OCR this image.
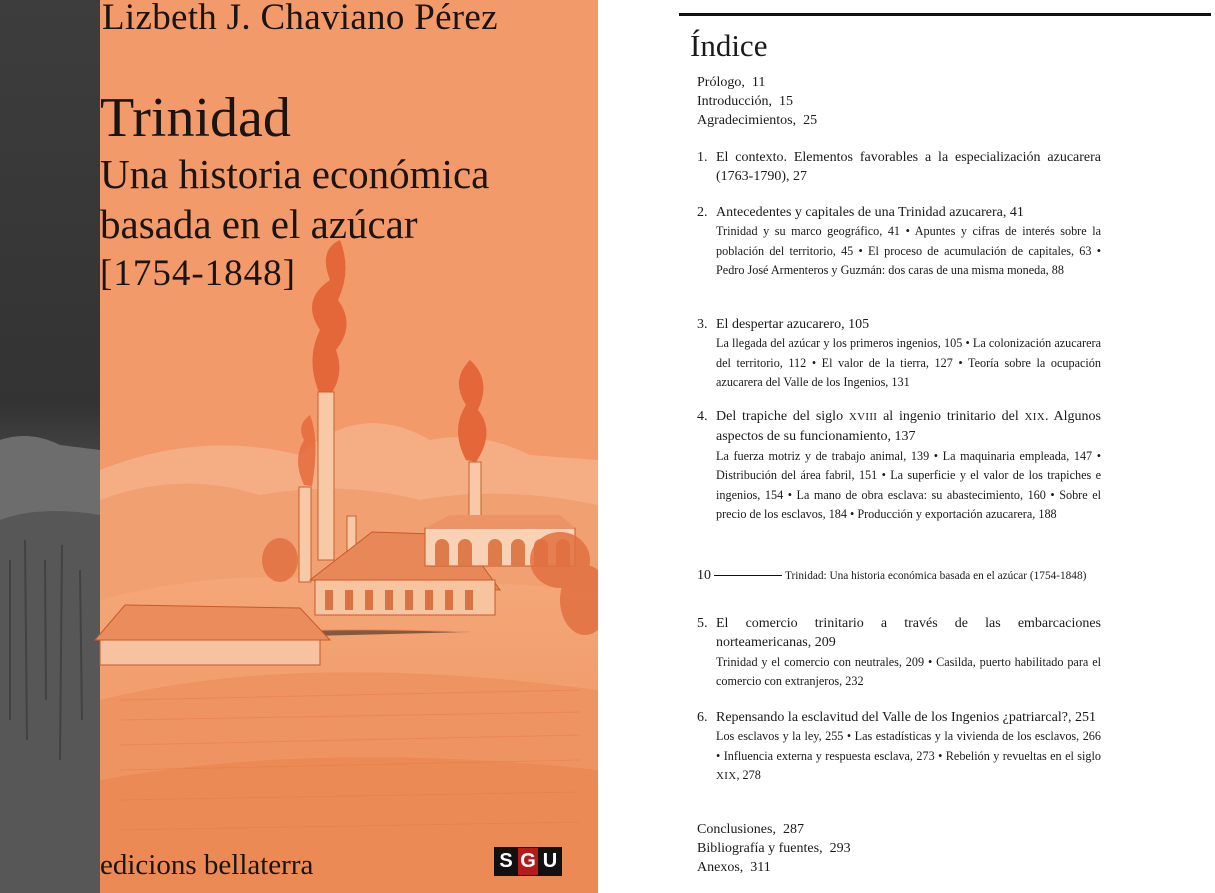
Lizbeth J. Chaviano Pérez
Trinidad
Una historia económica
basada en el azúcar
[1754-1848]
edicions bellaterra	S G U
Índice
Prólogo, 11
Introducción, 15
Agradecimientos, 25
1. El contexto. Elementos favorables a la especialización azucarera (1763-1790), 27
2. Antecedentes y capitales de una Trinidad azucarera, 41
Trinidad y su marco geográfico, 41 • Apuntes y cifras de interés sobre la población del territorio, 45 • El proceso de acumulación de capitales, 63 • Pedro José Armenteros y Guzmán: dos caras de una misma moneda, 88
3. El despertar azucarero, 105
La llegada del azúcar y los primeros ingenios, 105 • La colonización azucarera del territorio, 112 • El valor de la tierra, 127 • Teoría sobre la ocupación azucarera del Valle de los Ingenios, 131
4. Del trapiche del siglo XVIII al ingenio trinitario del XIX. Algunos aspectos de su funcionamiento, 137
La fuerza motriz y de trabajo animal, 139 • La maquinaria empleada, 147 • Distribución del área fabril, 151 • La superficie y el valor de los trapiches e ingenios, 154 • La mano de obra esclava: su abastecimiento, 160 • Sobre el precio de los esclavos, 184 • Producción y exportación azucarera, 188
10	Trinidad: Una historia económica basada en el azúcar (1754-1848)
5. El comercio trinitario a través de las embarcaciones norteamericanas, 209
Trinidad y el comercio con neutrales, 209 • Casilda, puerto habilitado para el comercio con extranjeros, 232
6. Repensando la esclavitud del Valle de los Ingenios ¿patriarcal?, 251
Los esclavos y la ley, 255 • Las estadísticas y la vivienda de los esclavos, 266 • Influencia externa y respuesta esclava, 273 • Rebelión y revueltas en el siglo XIX, 278
Conclusiones, 287
Bibliografía y fuentes, 293
Anexos, 311
